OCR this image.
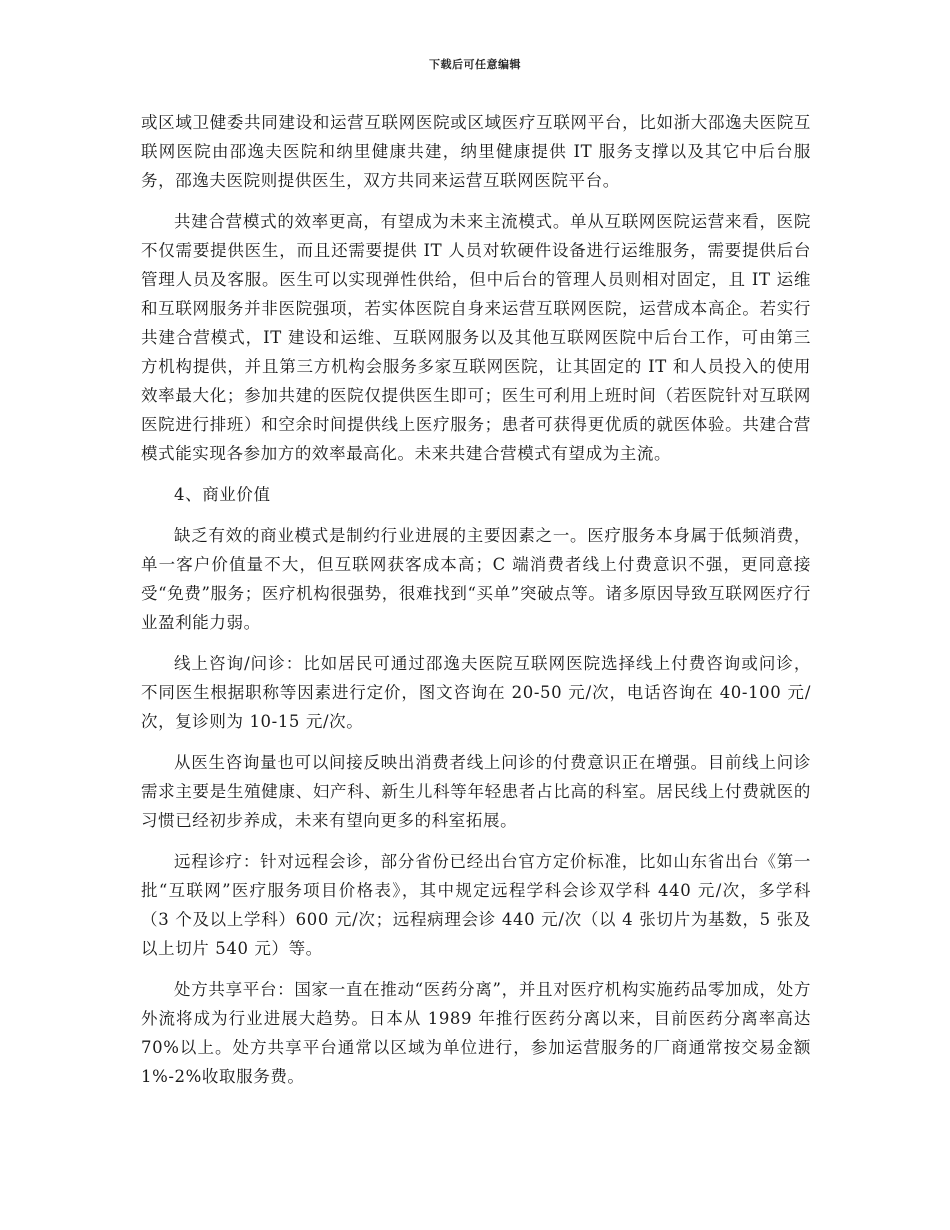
下载后可任意编辑

或区域卫健委共同建设和运营互联网医院或区域医疗互联网平台，比如浙大邵逸夫医院互联网医院由邵逸夫医院和纳里健康共建，纳里健康提供 IT 服务支撑以及其它中后台服务，邵逸夫医院则提供医生，双方共同来运营互联网医院平台。

共建合营模式的效率更高，有望成为未来主流模式。单从互联网医院运营来看，医院不仅需要提供医生，而且还需要提供 IT 人员对软硬件设备进行运维服务，需要提供后台管理人员及客服。医生可以实现弹性供给，但中后台的管理人员则相对固定，且 IT 运维和互联网服务并非医院强项，若实体医院自身来运营互联网医院，运营成本高企。若实行共建合营模式，IT 建设和运维、互联网服务以及其他互联网医院中后台工作，可由第三方机构提供，并且第三方机构会服务多家互联网医院，让其固定的 IT 和人员投入的使用效率最大化；参加共建的医院仅提供医生即可；医生可利用上班时间（若医院针对互联网医院进行排班）和空余时间提供线上医疗服务；患者可获得更优质的就医体验。共建合营模式能实现各参加方的效率最高化。未来共建合营模式有望成为主流。

4、商业价值

缺乏有效的商业模式是制约行业进展的主要因素之一。医疗服务本身属于低频消费，单一客户价值量不大，但互联网获客成本高；C 端消费者线上付费意识不强，更同意接受“免费”服务；医疗机构很强势，很难找到“买单”突破点等。诸多原因导致互联网医疗行业盈利能力弱。

线上咨询/问诊：比如居民可通过邵逸夫医院互联网医院选择线上付费咨询或问诊，不同医生根据职称等因素进行定价，图文咨询在 20-50 元/次，电话咨询在 40-100 元/次，复诊则为 10-15 元/次。

从医生咨询量也可以间接反映出消费者线上问诊的付费意识正在增强。目前线上问诊需求主要是生殖健康、妇产科、新生儿科等年轻患者占比高的科室。居民线上付费就医的习惯已经初步养成，未来有望向更多的科室拓展。

远程诊疗：针对远程会诊，部分省份已经出台官方定价标准，比如山东省出台《第一批“互联网”医疗服务项目价格表》，其中规定远程学科会诊双学科 440 元/次，多学科（3 个及以上学科）600 元/次；远程病理会诊 440 元/次（以 4 张切片为基数，5 张及以上切片 540 元）等。

处方共享平台：国家一直在推动“医药分离”，并且对医疗机构实施药品零加成，处方外流将成为行业进展大趋势。日本从 1989 年推行医药分离以来，目前医药分离率高达 70%以上。处方共享平台通常以区域为单位进行，参加运营服务的厂商通常按交易金额 1%-2%收取服务费。
